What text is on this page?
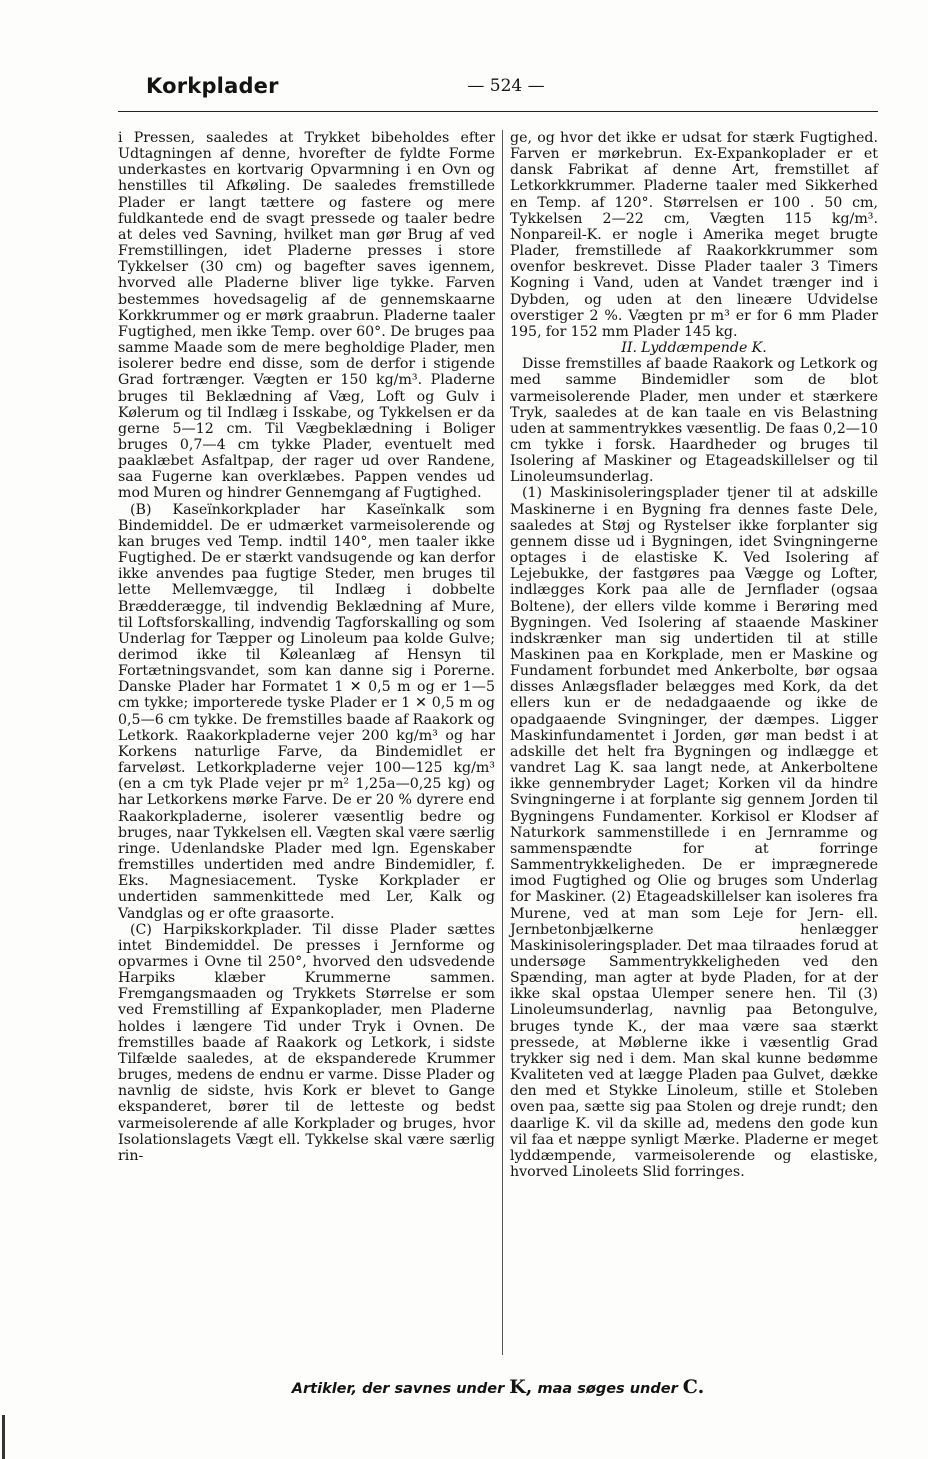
Korkplader	— 524 —

i Pressen, saaledes at Trykket bibeholdes efter Udtagningen af denne, hvorefter de fyldte Forme underkastes en kortvarig Opvarmning i en Ovn og henstilles til Afkøling. De saaledes fremstillede Plader er langt tættere og fastere og mere fuldkantede end de svagt pressede og taaler bedre at deles ved Savning, hvilket man gør Brug af ved Fremstillingen, idet Pladerne presses i store Tykkelser (30 cm) og bagefter saves igennem, hvorved alle Pladerne bliver lige tykke. Farven bestemmes hovedsagelig af de gennemskaarne Korkkrummer og er mørk graabrun. Pladerne taaler Fugtighed, men ikke Temp. over 60°. De bruges paa samme Maade som de mere begholdige Plader, men isolerer bedre end disse, som de derfor i stigende Grad fortrænger. Vægten er 150 kg/m³. Pladerne bruges til Beklædning af Væg, Loft og Gulv i Kølerum og til Indlæg i Isskabe, og Tykkelsen er da gerne 5—12 cm. Til Vægbeklædning i Boliger bruges 0,7—4 cm tykke Plader, eventuelt med paaklæbet Asfaltpap, der rager ud over Randene, saa Fugerne kan overklæbes. Pappen vendes ud mod Muren og hindrer Gennemgang af Fugtighed.

(B) Kaseïnkorkplader har Kaseïnkalk som Bindemiddel. De er udmærket varmeisolerende og kan bruges ved Temp. indtil 140°, men taaler ikke Fugtighed. De er stærkt vandsugende og kan derfor ikke anvendes paa fugtige Steder, men bruges til lette Mellemvægge, til Indlæg i dobbelte Brædderægge, til indvendig Beklædning af Mure, til Loftsforskalling, indvendig Tagforskalling og som Underlag for Tæpper og Linoleum paa kolde Gulve; derimod ikke til Køleanlæg af Hensyn til Fortætningsvandet, som kan danne sig i Porerne. Danske Plader har Formatet 1 ✕ 0,5 m og er 1—5 cm tykke; importerede tyske Plader er 1 ✕ 0,5 m og 0,5—6 cm tykke. De fremstilles baade af Raakork og Letkork. Raakorkpladerne vejer 200 kg/m³ og har Korkens naturlige Farve, da Bindemidlet er farveløst. Letkorkpladerne vejer 100—125 kg/m³ (en a cm tyk Plade vejer pr m² 1,25a—0,25 kg) og har Letkorkens mørke Farve. De er 20 % dyrere end Raakorkpladerne, isolerer væsentlig bedre og bruges, naar Tykkelsen ell. Vægten skal være særlig ringe. Udenlandske Plader med lgn. Egenskaber fremstilles undertiden med andre Bindemidler, f. Eks. Magnesiacement. Tyske Korkplader er undertiden sammenkittede med Ler, Kalk og Vandglas og er ofte graasorte.

(C) Harpikskorkplader. Til disse Plader sættes intet Bindemiddel. De presses i Jernforme og opvarmes i Ovne til 250°, hvorved den udsvedende Harpiks klæber Krummerne sammen. Fremgangsmaaden og Trykkets Størrelse er som ved Fremstilling af Expankoplader, men Pladerne holdes i længere Tid under Tryk i Ovnen. De fremstilles baade af Raakork og Letkork, i sidste Tilfælde saaledes, at de ekspanderede Krummer bruges, medens de endnu er varme. Disse Plader og navnlig de sidste, hvis Kork er blevet to Gange ekspanderet, bører til de letteste og bedst varmeisolerende af alle Korkplader og bruges, hvor Isolationslagets Vægt ell. Tykkelse skal være særlig rin-

ge, og hvor det ikke er udsat for stærk Fugtighed. Farven er mørkebrun. Ex-Expankoplader er et dansk Fabrikat af denne Art, fremstillet af Letkorkkrummer. Pladerne taaler med Sikkerhed en Temp. af 120°. Størrelsen er 100 . 50 cm, Tykkelsen 2—22 cm, Vægten 115 kg/m³. Nonpareil-K. er nogle i Amerika meget brugte Plader, fremstillede af Raakorkkrummer som ovenfor beskrevet. Disse Plader taaler 3 Timers Kogning i Vand, uden at Vandet trænger ind i Dybden, og uden at den lineære Udvidelse overstiger 2 %. Vægten pr m³ er for 6 mm Plader 195, for 152 mm Plader 145 kg.

II. Lyddæmpende K.

Disse fremstilles af baade Raakork og Letkork og med samme Bindemidler som de blot varmeisolerende Plader, men under et stærkere Tryk, saaledes at de kan taale en vis Belastning uden at sammentrykkes væsentlig. De faas 0,2—10 cm tykke i forsk. Haardheder og bruges til Isolering af Maskiner og Etageadskillelser og til Linoleumsunderlag.

(1) Maskinisoleringsplader tjener til at adskille Maskinerne i en Bygning fra dennes faste Dele, saaledes at Støj og Rystelser ikke forplanter sig gennem disse ud i Bygningen, idet Svingningerne optages i de elastiske K. Ved Isolering af Lejebukke, der fastgøres paa Vægge og Lofter, indlægges Kork paa alle de Jernflader (ogsaa Boltene), der ellers vilde komme i Berøring med Bygningen. Ved Isolering af staaende Maskiner indskrænker man sig undertiden til at stille Maskinen paa en Korkplade, men er Maskine og Fundament forbundet med Ankerbolte, bør ogsaa disses Anlægsflader belægges med Kork, da det ellers kun er de nedadgaaende og ikke de opadgaaende Svingninger, der dæmpes. Ligger Maskinfundamentet i Jorden, gør man bedst i at adskille det helt fra Bygningen og indlægge et vandret Lag K. saa langt nede, at Ankerboltene ikke gennembryder Laget; Korken vil da hindre Svingningerne i at forplante sig gennem Jorden til Bygningens Fundamenter. Korkisol er Klodser af Naturkork sammenstillede i en Jernramme og sammenspændte for at forringe Sammentrykkeligheden. De er imprægnerede imod Fugtighed og Olie og bruges som Underlag for Maskiner. (2) Etageadskillelser kan isoleres fra Murene, ved at man som Leje for Jern- ell. Jernbetonbjælkerne henlægger Maskinisoleringsplader. Det maa tilraades forud at undersøge Sammentrykkeligheden ved den Spænding, man agter at byde Pladen, for at der ikke skal opstaa Ulemper senere hen. Til (3) Linoleumsunderlag, navnlig paa Betongulve, bruges tynde K., der maa være saa stærkt pressede, at Møblerne ikke i væsentlig Grad trykker sig ned i dem. Man skal kunne bedømme Kvaliteten ved at lægge Pladen paa Gulvet, dække den med et Stykke Linoleum, stille et Stoleben oven paa, sætte sig paa Stolen og dreje rundt; den daarlige K. vil da skille ad, medens den gode kun vil faa et næppe synligt Mærke. Pladerne er meget lyddæmpende, varmeisolerende og elastiske, hvorved Linoleets Slid forringes.

Artikler, der savnes under K, maa søges under C.
